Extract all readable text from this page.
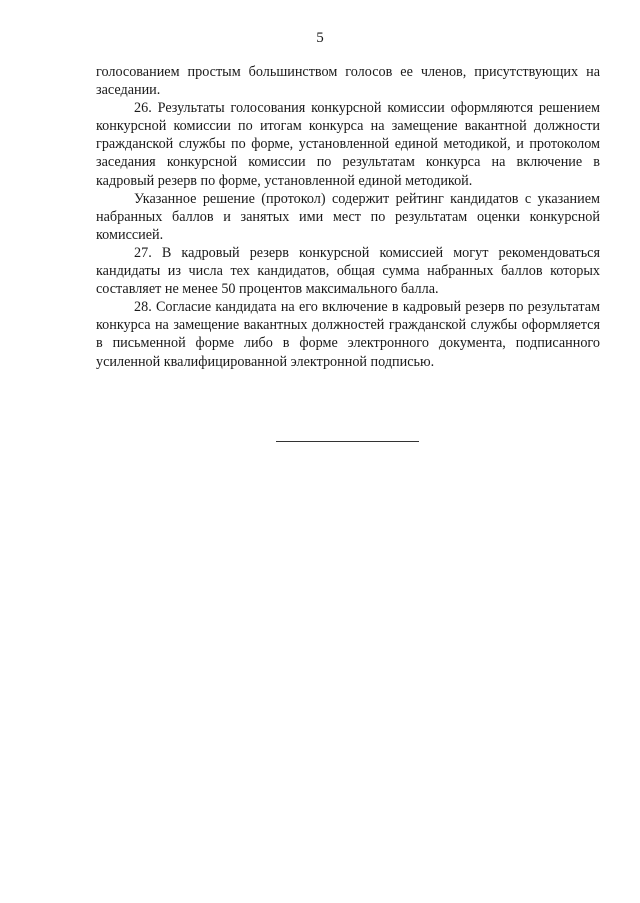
5

голосованием простым большинством голосов ее членов, присутствующих на заседании.

26. Результаты голосования конкурсной комиссии оформляются решением конкурсной комиссии по итогам конкурса на замещение вакантной должности гражданской службы по форме, установленной единой методикой, и протоколом заседания конкурсной комиссии по результатам конкурса на включение в кадровый резерв по форме, установленной единой методикой.

Указанное решение (протокол) содержит рейтинг кандидатов с указанием набранных баллов и занятых ими мест по результатам оценки конкурсной комиссией.

27. В кадровый резерв конкурсной комиссией могут рекомендоваться кандидаты из числа тех кандидатов, общая сумма набранных баллов которых составляет не менее 50 процентов максимального балла.

28. Согласие кандидата на его включение в кадровый резерв по результатам конкурса на замещение вакантных должностей гражданской службы оформляется в письменной форме либо в форме электронного документа, подписанного усиленной квалифицированной электронной подписью.
